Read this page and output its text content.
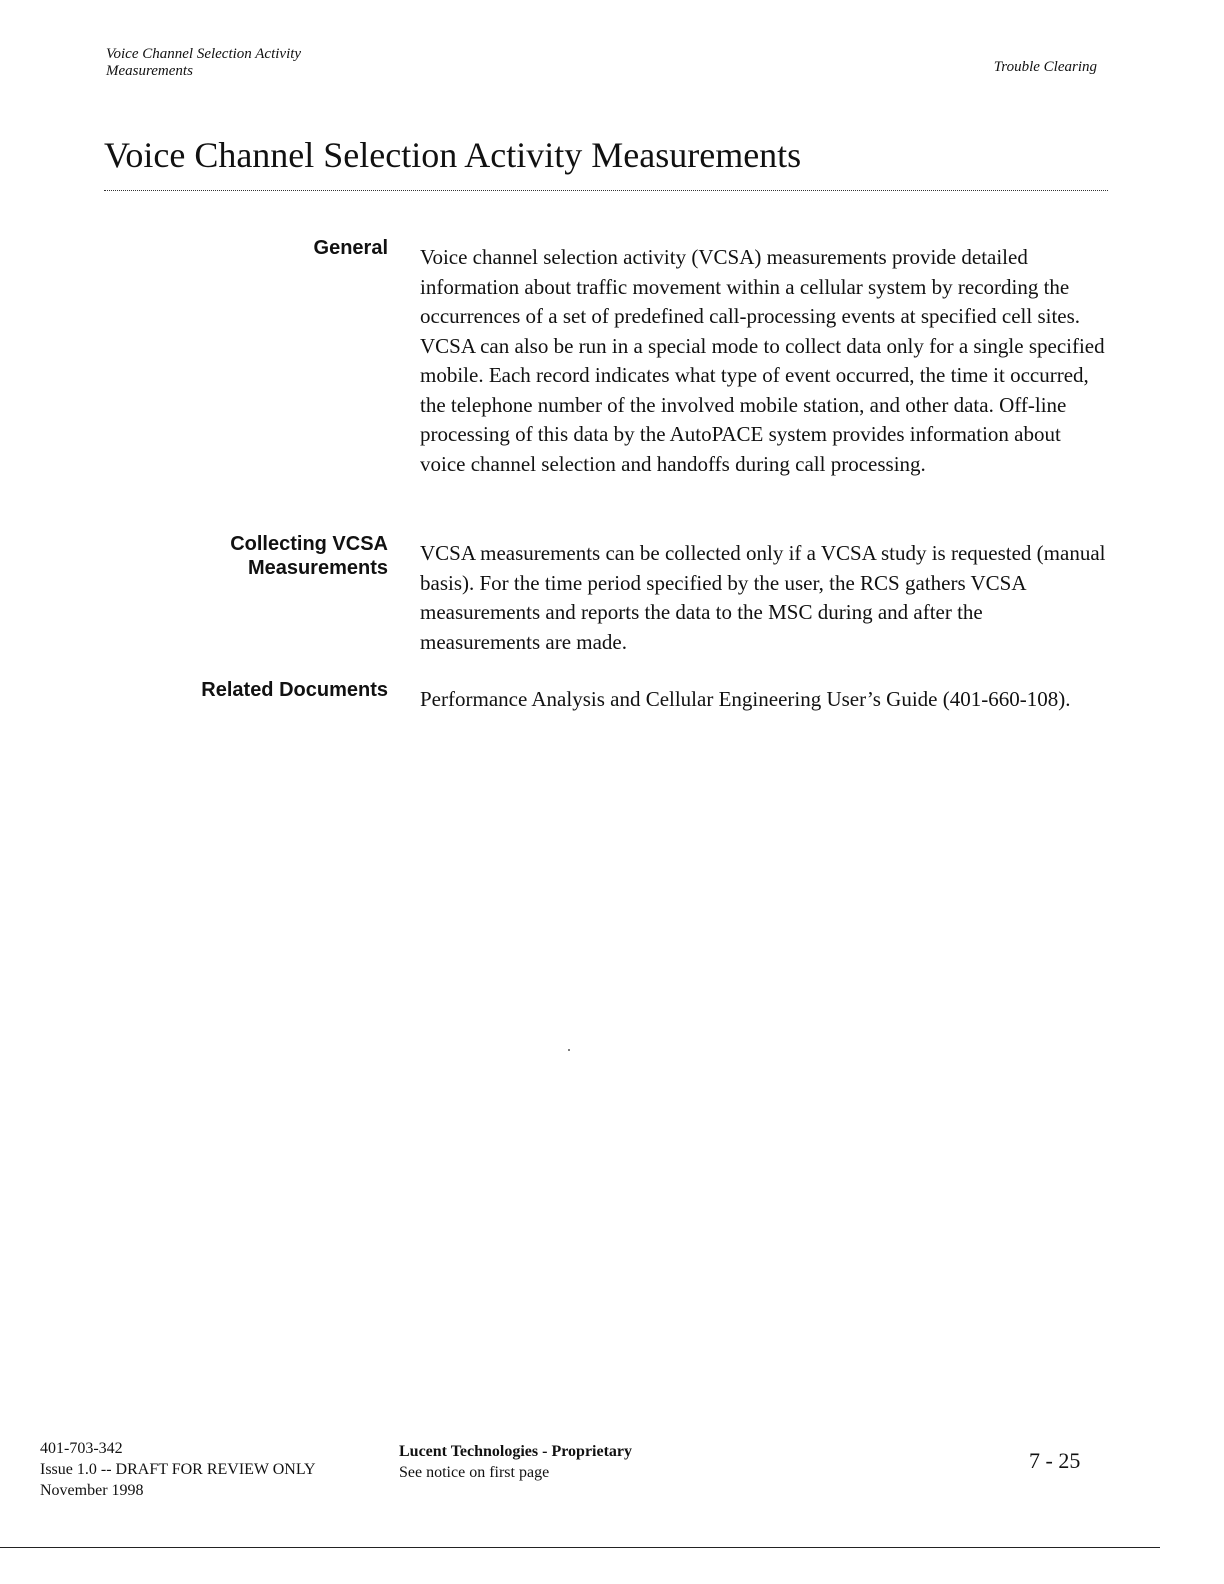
Voice Channel Selection Activity
Measurements	Trouble Clearing
Voice Channel Selection Activity Measurements
General Voice channel selection activity (VCSA) measurements provide detailed information about traffic movement within a cellular system by recording the occurrences of a set of predefined call-processing events at specified cell sites. VCSA can also be run in a special mode to collect data only for a single specified mobile. Each record indicates what type of event occurred, the time it occurred, the telephone number of the involved mobile station, and other data. Off-line processing of this data by the AutoPACE system provides information about voice channel selection and handoffs during call processing.
Collecting VCSA
Measurements
VCSA measurements can be collected only if a VCSA study is requested (manual basis). For the time period specified by the user, the RCS gathers VCSA measurements and reports the data to the MSC during and after the measurements are made.
Related Documents Performance Analysis and Cellular Engineering User’s Guide (401-660-108).
401-703-342
Issue 1.0 -- DRAFT FOR REVIEW ONLY
November 1998
Lucent Technologies - Proprietary
See notice on first page	7 - 25
